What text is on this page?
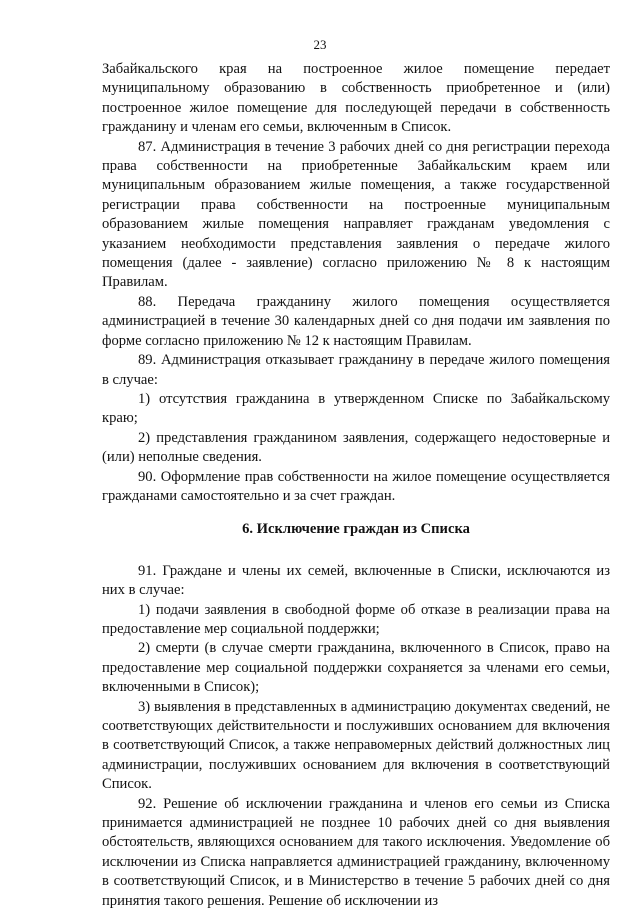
23

Забайкальского края на построенное жилое помещение передает муниципальному образованию в собственность приобретенное и (или) построенное жилое помещение для последующей передачи в собственность гражданину и членам его семьи, включенным в Список.

87. Администрация в течение 3 рабочих дней со дня регистрации перехода права собственности на приобретенные Забайкальским краем или муниципальным образованием жилые помещения, а также государственной регистрации права собственности на построенные муниципальным образованием жилые помещения направляет гражданам уведомления с указанием необходимости представления заявления о передаче жилого помещения (далее - заявление) согласно приложению № 8 к настоящим Правилам.

88. Передача гражданину жилого помещения осуществляется администрацией в течение 30 календарных дней со дня подачи им заявления по форме согласно приложению № 12 к настоящим Правилам.

89. Администрация отказывает гражданину в передаче жилого помещения в случае:

1) отсутствия гражданина в утвержденном Списке по Забайкальскому краю;

2) представления гражданином заявления, содержащего недостоверные и (или) неполные сведения.

90. Оформление прав собственности на жилое помещение осуществляется гражданами самостоятельно и за счет граждан.

6. Исключение граждан из Списка

91. Граждане и члены их семей, включенные в Списки, исключаются из них в случае:

1) подачи заявления в свободной форме об отказе в реализации права на предоставление мер социальной поддержки;

2) смерти (в случае смерти гражданина, включенного в Список, право на предоставление мер социальной поддержки сохраняется за членами его семьи, включенными в Список);

3) выявления в представленных в администрацию документах сведений, не соответствующих действительности и послуживших основанием для включения в соответствующий Список, а также неправомерных действий должностных лиц администрации, послуживших основанием для включения в соответствующий Список.

92. Решение об исключении гражданина и членов его семьи из Списка принимается администрацией не позднее 10 рабочих дней со дня выявления обстоятельств, являющихся основанием для такого исключения. Уведомление об исключении из Списка направляется администрацией гражданину, включенному в соответствующий Список, и в Министерство в течение 5 рабочих дней со дня принятия такого решения. Решение об исключении из
